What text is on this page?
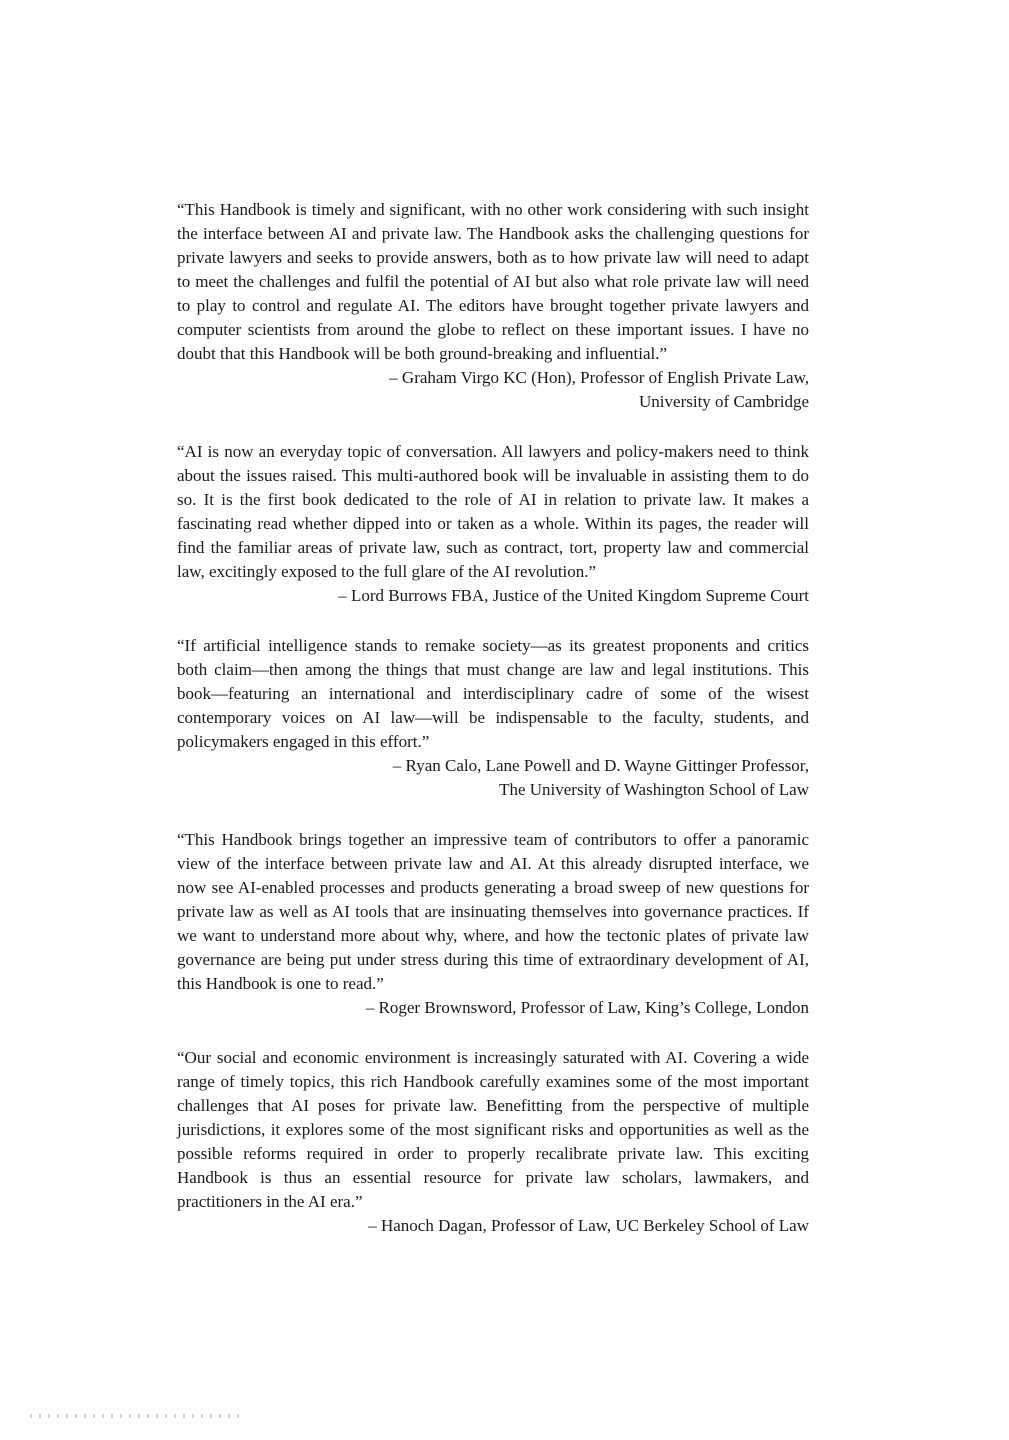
“This Handbook is timely and significant, with no other work considering with such insight the interface between AI and private law. The Handbook asks the challenging questions for private lawyers and seeks to provide answers, both as to how private law will need to adapt to meet the challenges and fulfil the potential of AI but also what role private law will need to play to control and regulate AI. The editors have brought together private lawyers and computer scientists from around the globe to reflect on these important issues. I have no doubt that this Handbook will be both ground-breaking and influential.”

– Graham Virgo KC (Hon), Professor of English Private Law,
University of Cambridge

“AI is now an everyday topic of conversation. All lawyers and policy-makers need to think about the issues raised. This multi-authored book will be invaluable in assisting them to do so. It is the first book dedicated to the role of AI in relation to private law. It makes a fascinating read whether dipped into or taken as a whole. Within its pages, the reader will find the familiar areas of private law, such as contract, tort, property law and commercial law, excitingly exposed to the full glare of the AI revolution.”

– Lord Burrows FBA, Justice of the United Kingdom Supreme Court

“If artificial intelligence stands to remake society—as its greatest proponents and critics both claim—then among the things that must change are law and legal institutions. This book—featuring an international and interdisciplinary cadre of some of the wisest contemporary voices on AI law—will be indispensable to the faculty, students, and policymakers engaged in this effort.”

– Ryan Calo, Lane Powell and D. Wayne Gittinger Professor,
The University of Washington School of Law

“This Handbook brings together an impressive team of contributors to offer a panoramic view of the interface between private law and AI. At this already disrupted interface, we now see AI-enabled processes and products generating a broad sweep of new questions for private law as well as AI tools that are insinuating themselves into governance practices. If we want to understand more about why, where, and how the tectonic plates of private law governance are being put under stress during this time of extraordinary development of AI, this Handbook is one to read.”

– Roger Brownsword, Professor of Law, King’s College, London

“Our social and economic environment is increasingly saturated with AI. Covering a wide range of timely topics, this rich Handbook carefully examines some of the most important challenges that AI poses for private law. Benefitting from the perspective of multiple jurisdictions, it explores some of the most significant risks and opportunities as well as the possible reforms required in order to properly recalibrate private law. This exciting Handbook is thus an essential resource for private law scholars, lawmakers, and practitioners in the AI era.”

– Hanoch Dagan, Professor of Law, UC Berkeley School of Law
